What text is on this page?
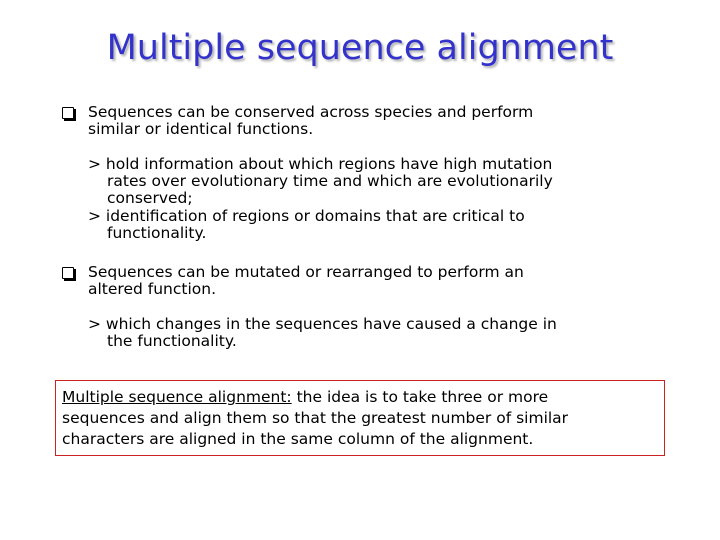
Multiple sequence alignment
Sequences can be conserved across species and perform
similar or identical functions.
> hold information about which regions have high mutation
rates over evolutionary time and which are evolutionarily
conserved;
> identification of regions or domains that are critical to
functionality.
Sequences can be mutated or rearranged to perform an
altered function.
> which changes in the sequences have caused a change in
the functionality.
Multiple sequence alignment: the idea is to take three or more
sequences and align them so that the greatest number of similar
characters are aligned in the same column of the alignment.
